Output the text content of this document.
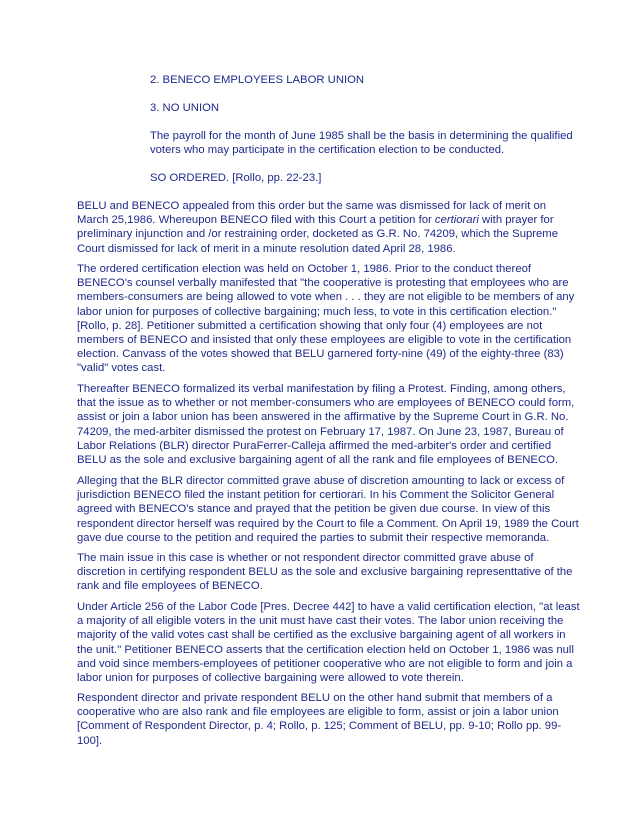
2. BENECO EMPLOYEES LABOR UNION

3. NO UNION

The payroll for the month of June 1985 shall be the basis in determining the qualified
voters who may participate in the certification election to be conducted.

SO ORDERED. [Rollo, pp. 22-23.]

BELU and BENECO appealed from this order but the same was dismissed for lack of merit on
March 25,1986. Whereupon BENECO filed with this Court a petition for certiorari with prayer for
preliminary injunction and /or restraining order, docketed as G.R. No. 74209, which the Supreme
Court dismissed for lack of merit in a minute resolution dated April 28, 1986.

The ordered certification election was held on October 1, 1986. Prior to the conduct thereof
BENECO's counsel verbally manifested that "the cooperative is protesting that employees who are
members-consumers are being allowed to vote when . . . they are not eligible to be members of any
labor union for purposes of collective bargaining; much less, to vote in this certification election."
[Rollo, p. 28]. Petitioner submitted a certification showing that only four (4) employees are not
members of BENECO and insisted that only these employees are eligible to vote in the certification
election. Canvass of the votes showed that BELU garnered forty-nine (49) of the eighty-three (83)
"valid" votes cast.

Thereafter BENECO formalized its verbal manifestation by filing a Protest. Finding, among others,
that the issue as to whether or not member-consumers who are employees of BENECO could form,
assist or join a labor union has been answered in the affirmative by the Supreme Court in G.R. No.
74209, the med-arbiter dismissed the protest on February 17, 1987. On June 23, 1987, Bureau of
Labor Relations (BLR) director PuraFerrer-Calleja affirmed the med-arbiter's order and certified
BELU as the sole and exclusive bargaining agent of all the rank and file employees of BENECO.

Alleging that the BLR director committed grave abuse of discretion amounting to lack or excess of
jurisdiction BENECO filed the instant petition for certiorari. In his Comment the Solicitor General
agreed with BENECO's stance and prayed that the petition be given due course. In view of this
respondent director herself was required by the Court to file a Comment. On April 19, 1989 the Court
gave due course to the petition and required the parties to submit their respective memoranda.

The main issue in this case is whether or not respondent director committed grave abuse of
discretion in certifying respondent BELU as the sole and exclusive bargaining representtative of the
rank and file employees of BENECO.

Under Article 256 of the Labor Code [Pres. Decree 442] to have a valid certification election, "at least
a majority of all eligible voters in the unit must have cast their votes. The labor union receiving the
majority of the valid votes cast shall be certified as the exclusive bargaining agent of all workers in
the unit." Petitioner BENECO asserts that the certification election held on October 1, 1986 was null
and void since members-employees of petitioner cooperative who are not eligible to form and join a
labor union for purposes of collective bargaining were allowed to vote therein.

Respondent director and private respondent BELU on the other hand submit that members of a
cooperative who are also rank and file employees are eligible to form, assist or join a labor union
[Comment of Respondent Director, p. 4; Rollo, p. 125; Comment of BELU, pp. 9-10; Rollo pp. 99-
100].
